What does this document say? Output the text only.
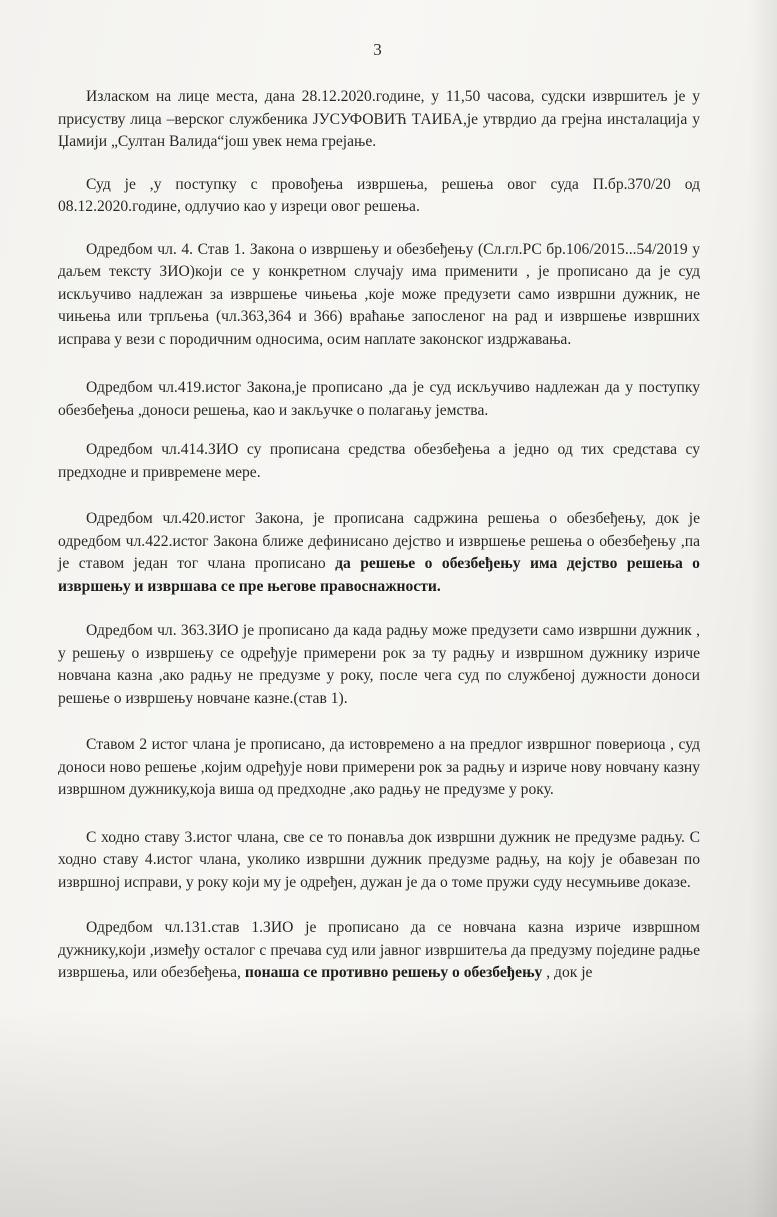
3

Изласком на лице места, дана 28.12.2020.године, у 11,50 часова, судски извршитељ је у присуству лица –верског службеника ЈУСУФОВИЋ ТАИБА,је утврдио да грејна инсталација у Џамији „Султан Валида“још увек нема грејање.

Суд је ,у поступку с провођења извршења, решења овог суда П.бр.370/20 од 08.12.2020.године, одлучио као у изреци овог решења.

Одредбом чл. 4. Став 1. Закона о извршењу и обезбеђењу (Сл.гл.РС бр.106/2015...54/2019 у даљем тексту ЗИО)који се у конкретном случају има применити , је прописано да је суд искључиво надлежан за извршење чињења ,које може предузети само извршни дужник, не чињења или трпљења (чл.363,364 и 366) враћање запосленог на рад и извршење извршних исправа у вези с породичним односима, осим наплате законског издржавања.

Одредбом чл.419.истог Закона,је прописано ,да је суд искључиво надлежан да у поступку обезбеђења ,доноси решења, као и закључке о полагању јемства.

Одредбом чл.414.ЗИО су прописана средства обезбеђења а једно од тих средстава су предходне и привремене мере.

Одредбом чл.420.истог Закона, је прописана садржина решења о обезбеђењу, док је одредбом чл.422.истог Закона ближе дефинисано дејство и извршење решења о обезбеђењу ,па је ставом један тог члана прописано да решење о обезбеђењу има дејство решења о извршењу и извршава се пре његове правоснажности.

Одредбом чл. 363.ЗИО је прописано да када радњу може предузети само извршни дужник , у решењу о извршењу се одређује примерени рок за ту радњу и извршном дужнику изриче новчана казна ,ако радњу не предузме у року, после чега суд по службеној дужности доноси решење о извршењу новчане казне.(став 1).

Ставом 2 истог члана је прописано, да истовремено а на предлог извршног повериоца , суд доноси ново решење ,којим одређује нови примерени рок за радњу и изриче нову новчану казну извршном дужнику,која виша од предходне ,ако радњу не предузме у року.

С ходно ставу 3.истог члана, све се то понавља док извршни дужник не предузме радњу. С ходно ставу 4.истог члана, уколико извршни дужник предузме радњу, на коју је обавезан по извршној исправи, у року који му је одређен, дужан је да о томе пружи суду несумњиве доказе.

Одредбом чл.131.став 1.ЗИО је прописано да се новчана казна изриче извршном дужнику,који ,између осталог с пречава суд или јавног извршитеља да предузму поједине радње извршења, или обезбеђења, понаша се противно решењу о обезбеђењу , док је
